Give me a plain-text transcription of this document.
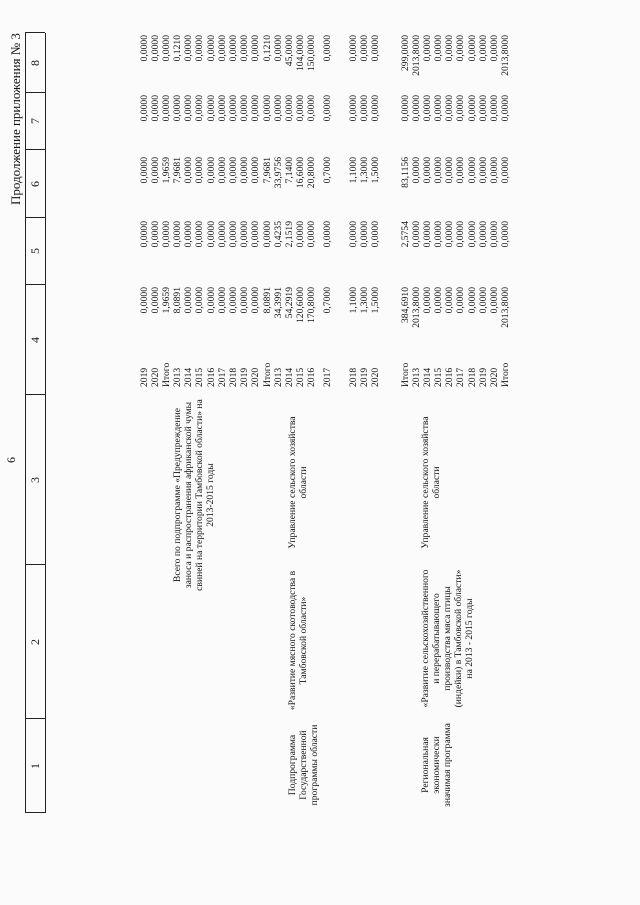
6
Продолжение приложения № 3
1
2
3
4
5
6
7
8
Всего по подпрограмме «Предупреждение заноса и распространения африканской чумы свиней на территории Тамбовской области» на 2013-2015 годы
2019
2020
Итого
2013
2014
2015
2016
2017
2018
2019
2020
0,0000
0,0000
1,9659
8,0891
0,0000
0,0000
0,0000
0,0000
0,0000
0,0000
0,0000
0,0000
0,0000
0,0000
0,0000
0,0000
0,0000
0,0000
0,0000
0,0000
0,0000
0,0000
0,0000
0,0000
1,9659
7,9681
0,0000
0,0000
0,0000
0,0000
0,0000
0,0000
0,0000
0,0000
0,0000
0,0000
0,0000
0,0000
0,0000
0,0000
0,0000
0,0000
0,0000
0,0000
0,0000
0,0000
0,0000
0,1210
0,0000
0,0000
0,0000
0,0000
0,0000
0,0000
0,0000
Подпрограмма Государственной программы области
«Развитие мясного скотоводства в Тамбовской области»
Управление сельского хозяйства области
Итого
2013
2014
2015
2016
8,0891
34,3991
54,2919
120,6000
170,8000
0,0000
0,4235
2,1519
0,0000
0,0000
7,9681
33,9756
7,1400
16,6000
20,8000
0,0000
0,0000
0,0000
0,0000
0,0000
0,1210
0,0000
45,0000
104,0000
150,0000
2017
0,7000
0,0000
0,7000
0,0000
0,0000
2018
2019
2020
1,1000
1,3000
1,5000
0,0000
0,0000
0,0000
1,1000
1,3000
1,5000
0,0000
0,0000
0,0000
0,0000
0,0000
0,0000
Региональная экономически значимая программа
«Развитие сельскохозяйственного и перерабатывающего производства мяса птицы (индейки) в Тамбовской области» на 2013 - 2015 годы
Управление сельского хозяйства области
Итого
2013
2014
2015
2016
2017
2018
2019
2020
Итого
384,6910
2013,8000
0,0000
0,0000
0,0000
0,0000
0,0000
0,0000
0,0000
2013,8000
2,5754
0,0000
0,0000
0,0000
0,0000
0,0000
0,0000
0,0000
0,0000
0,0000
83,1156
0,0000
0,0000
0,0000
0,0000
0,0000
0,0000
0,0000
0,0000
0,0000
0,0000
0,0000
0,0000
0,0000
0,0000
0,0000
0,0000
0,0000
0,0000
0,0000
299,0000
2013,8000
0,0000
0,0000
0,0000
0,0000
0,0000
0,0000
0,0000
2013,8000
